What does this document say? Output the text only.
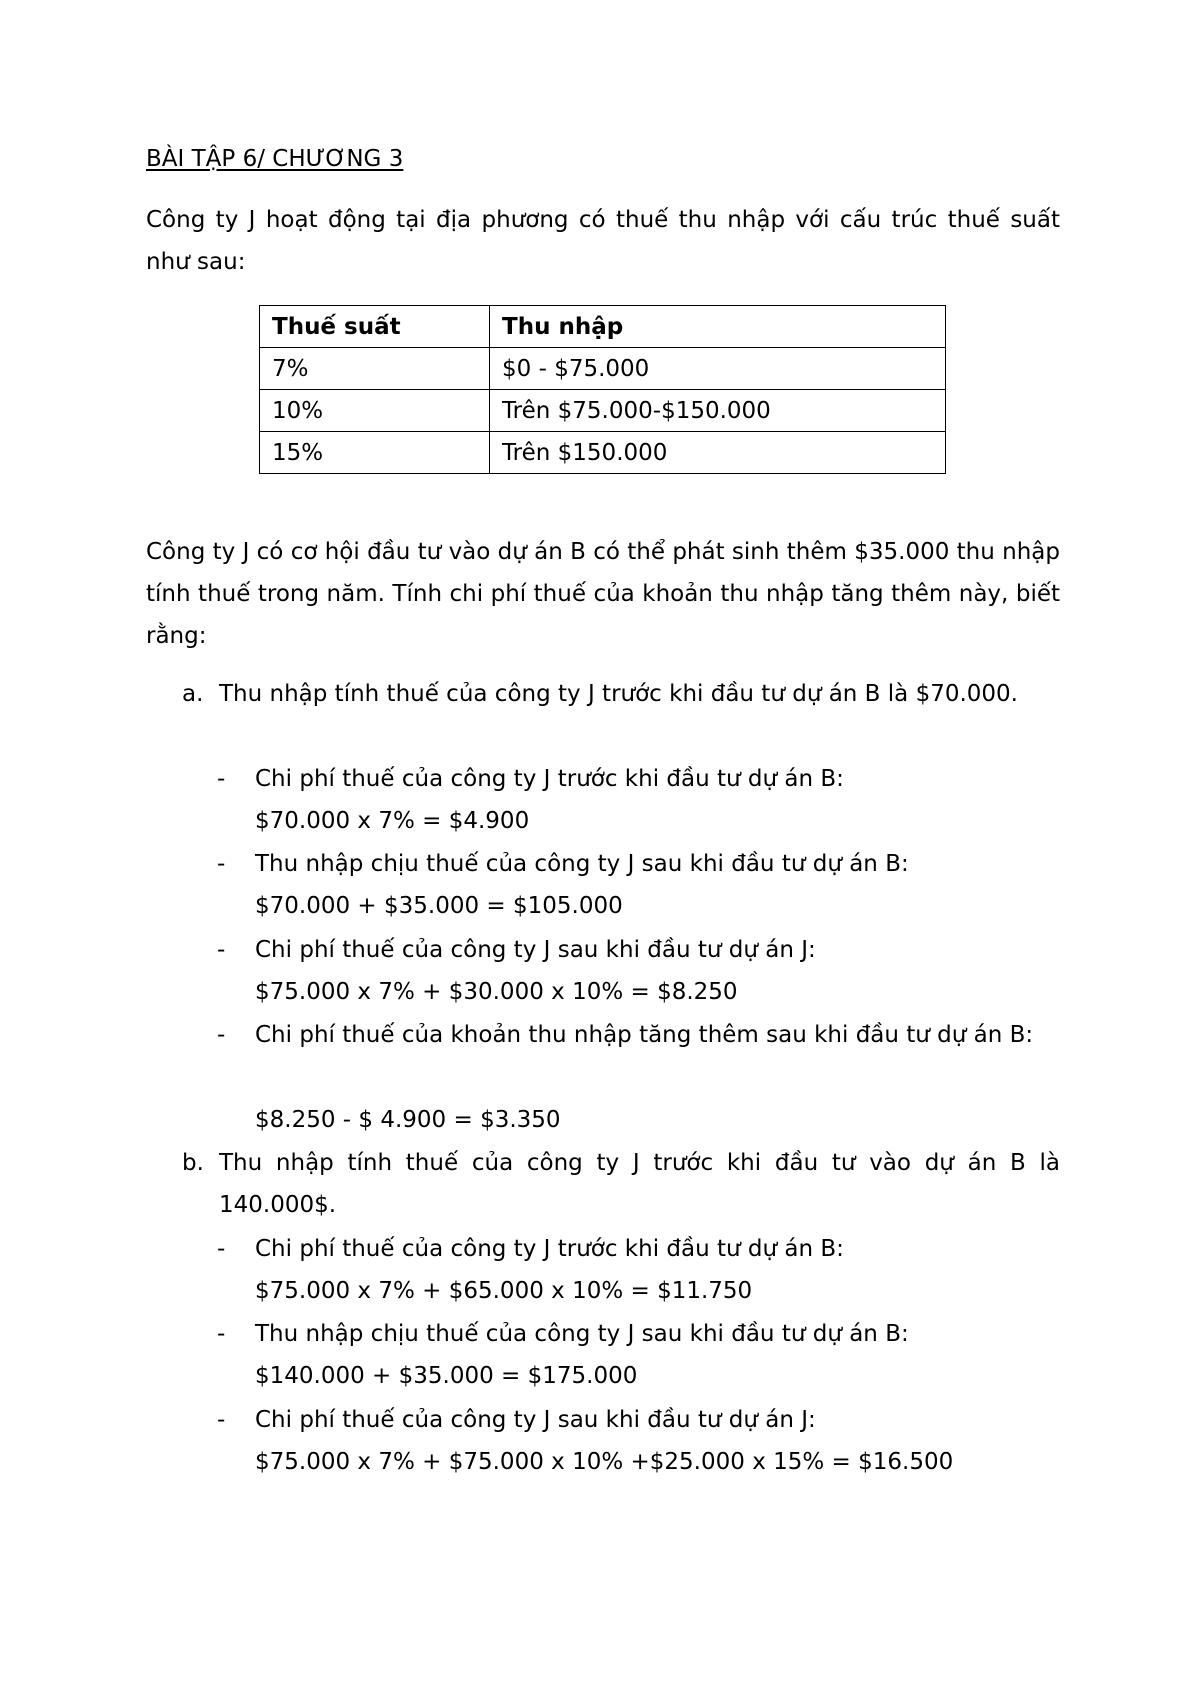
BÀI TẬP 6/ CHƯƠNG 3
Công ty J hoạt động tại địa phương có thuế thu nhập với cấu trúc thuế suất như sau:
Thuế suất	Thu nhập
7%	$0 - $75.000
10%	Trên $75.000-$150.000
15%	Trên $150.000
Công ty J có cơ hội đầu tư vào dự án B có thể phát sinh thêm $35.000 thu nhập tính thuế trong năm. Tính chi phí thuế của khoản thu nhập tăng thêm này, biết rằng:
a. Thu nhập tính thuế của công ty J trước khi đầu tư dự án B là $70.000.
- Chi phí thuế của công ty J trước khi đầu tư dự án B:
$70.000 x 7% = $4.900
- Thu nhập chịu thuế của công ty J sau khi đầu tư dự án B:
$70.000 + $35.000 = $105.000
- Chi phí thuế của công ty J sau khi đầu tư dự án J:
$75.000 x 7% + $30.000 x 10% = $8.250
- Chi phí thuế của khoản thu nhập tăng thêm sau khi đầu tư dự án B:
$8.250 - $ 4.900 = $3.350
b. Thu nhập tính thuế của công ty J trước khi đầu tư vào dự án B là 140.000$.
- Chi phí thuế của công ty J trước khi đầu tư dự án B:
$75.000 x 7% + $65.000 x 10% = $11.750
- Thu nhập chịu thuế của công ty J sau khi đầu tư dự án B:
$140.000 + $35.000 = $175.000
- Chi phí thuế của công ty J sau khi đầu tư dự án J:
$75.000 x 7% + $75.000 x 10% +$25.000 x 15% = $16.500
